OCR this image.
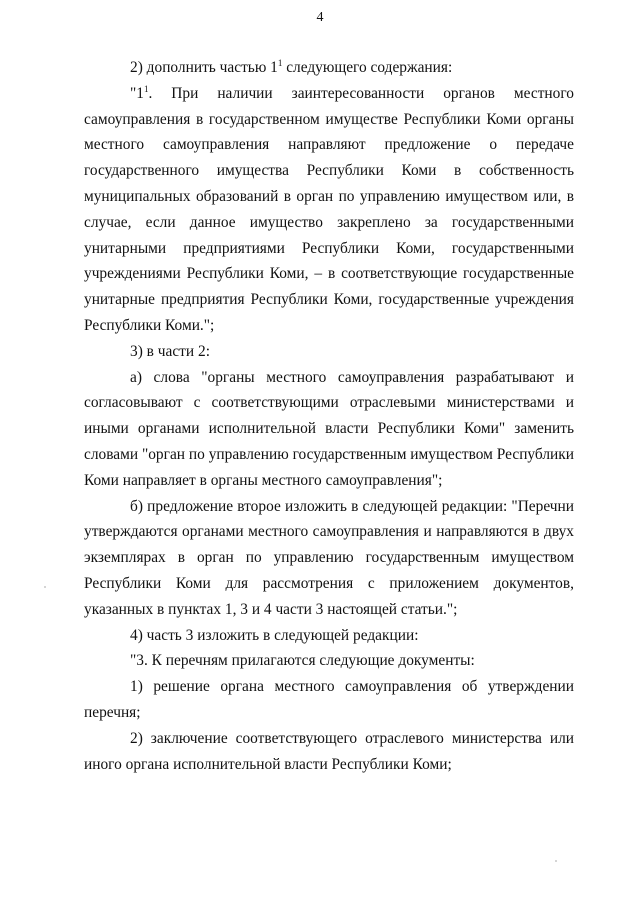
4

2) дополнить частью $1^1$ следующего содержания:

"$1^1$. При наличии заинтересованности органов местного самоуправления в государственном имуществе Республики Коми органы местного самоуправления направляют предложение о передаче государственного имущества Республики Коми в собственность муниципальных образований в орган по управлению имуществом или, в случае, если данное имущество закреплено за государственными унитарными предприятиями Республики Коми, государственными учреждениями Республики Коми, – в соответствующие государственные унитарные предприятия Республики Коми, государственные учреждения Республики Коми.";

3) в части 2:

а) слова "органы местного самоуправления разрабатывают и согласовывают с соответствующими отраслевыми министерствами и иными органами исполнительной власти Республики Коми" заменить словами "орган по управлению государственным имуществом Республики Коми направляет в органы местного самоуправления";

б) предложение второе изложить в следующей редакции: "Перечни утверждаются органами местного самоуправления и направляются в двух экземплярах в орган по управлению государственным имуществом Республики Коми для рассмотрения с приложением документов, указанных в пунктах 1, 3 и 4 части 3 настоящей статьи.";

4) часть 3 изложить в следующей редакции:

"3. К перечням прилагаются следующие документы:

1) решение органа местного самоуправления об утверждении перечня;

2) заключение соответствующего отраслевого министерства или иного органа исполнительной власти Республики Коми;
